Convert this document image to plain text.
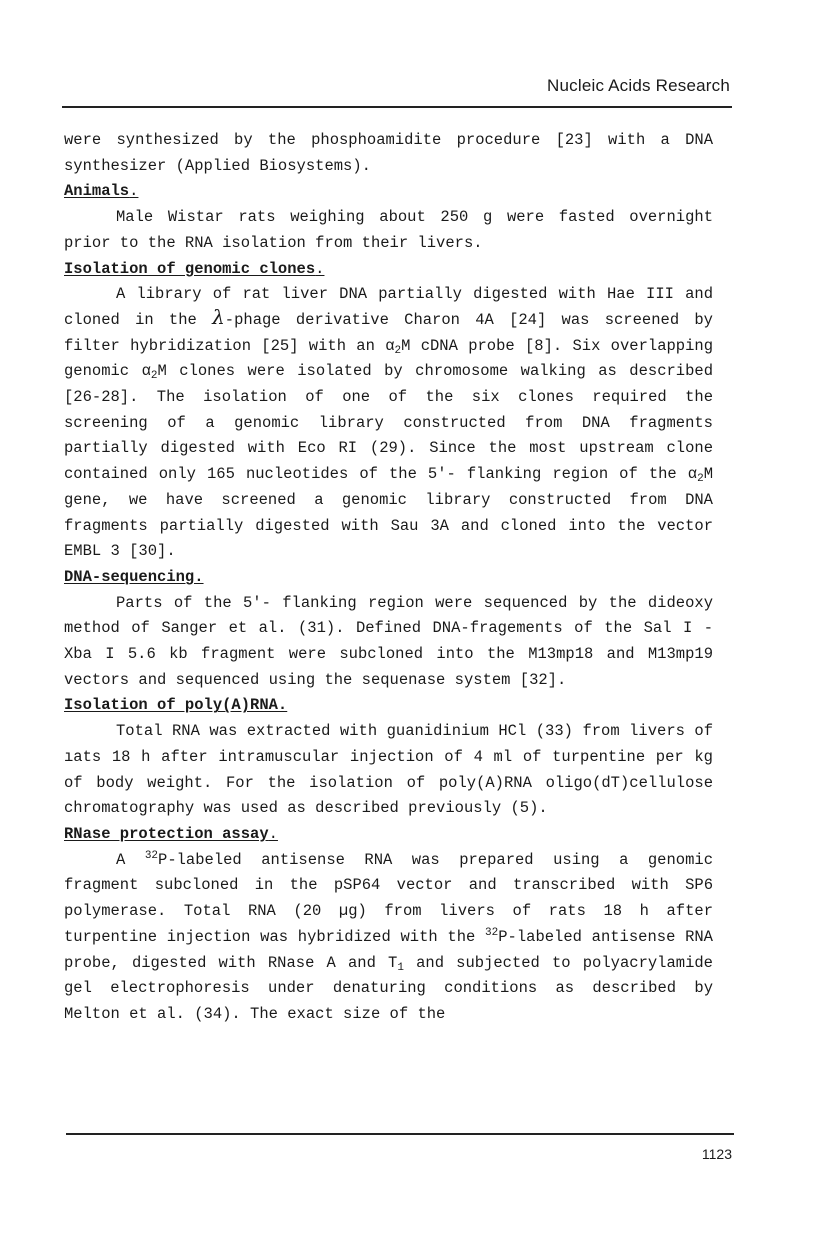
Nucleic Acids Research

were synthesized by the phosphoamidite procedure [23] with a DNA synthesizer (Applied Biosystems).

Animals.

Male Wistar rats weighing about 250 g were fasted overnight prior to the RNA isolation from their livers.

Isolation of genomic clones.

A library of rat liver DNA partially digested with Hae III and cloned in the λ-phage derivative Charon 4A [24] was screened by filter hybridization [25] with an $\alpha_2M$ cDNA probe [8]. Six overlapping genomic $\alpha_2M$ clones were isolated by chromosome walking as described [26-28]. The isolation of one of the six clones required the screening of a genomic library constructed from DNA fragments partially digested with Eco RI (29). Since the most upstream clone contained only 165 nucleotides of the 5'- flanking region of the $\alpha_2M$ gene, we have screened a genomic library constructed from DNA fragments partially digested with Sau 3A and cloned into the vector EMBL 3 [30].

DNA-sequencing.

Parts of the 5'- flanking region were sequenced by the dideoxy method of Sanger et al. (31). Defined DNA-fragements of the Sal I - Xba I 5.6 kb fragment were subcloned into the M13mp18 and M13mp19 vectors and sequenced using the sequenase system [32].

Isolation of poly(A)RNA.

Total RNA was extracted with guanidinium HCl (33) from livers of ıats 18 h after intramuscular injection of 4 ml of turpentine per kg of body weight. For the isolation of poly(A)RNA oligo(dT)cellulose chromatography was used as described previously (5).

RNase protection assay.

A $^{32}$P-labeled antisense RNA was prepared using a genomic fragment subcloned in the pSP64 vector and transcribed with SP6 polymerase. Total RNA (20 µg) from livers of rats 18 h after turpentine injection was hybridized with the $^{32}$P-labeled antisense RNA probe, digested with RNase A and $T_1$ and subjected to polyacrylamide gel electrophoresis under denaturing conditions as described by Melton et al. (34). The exact size of the

1123
